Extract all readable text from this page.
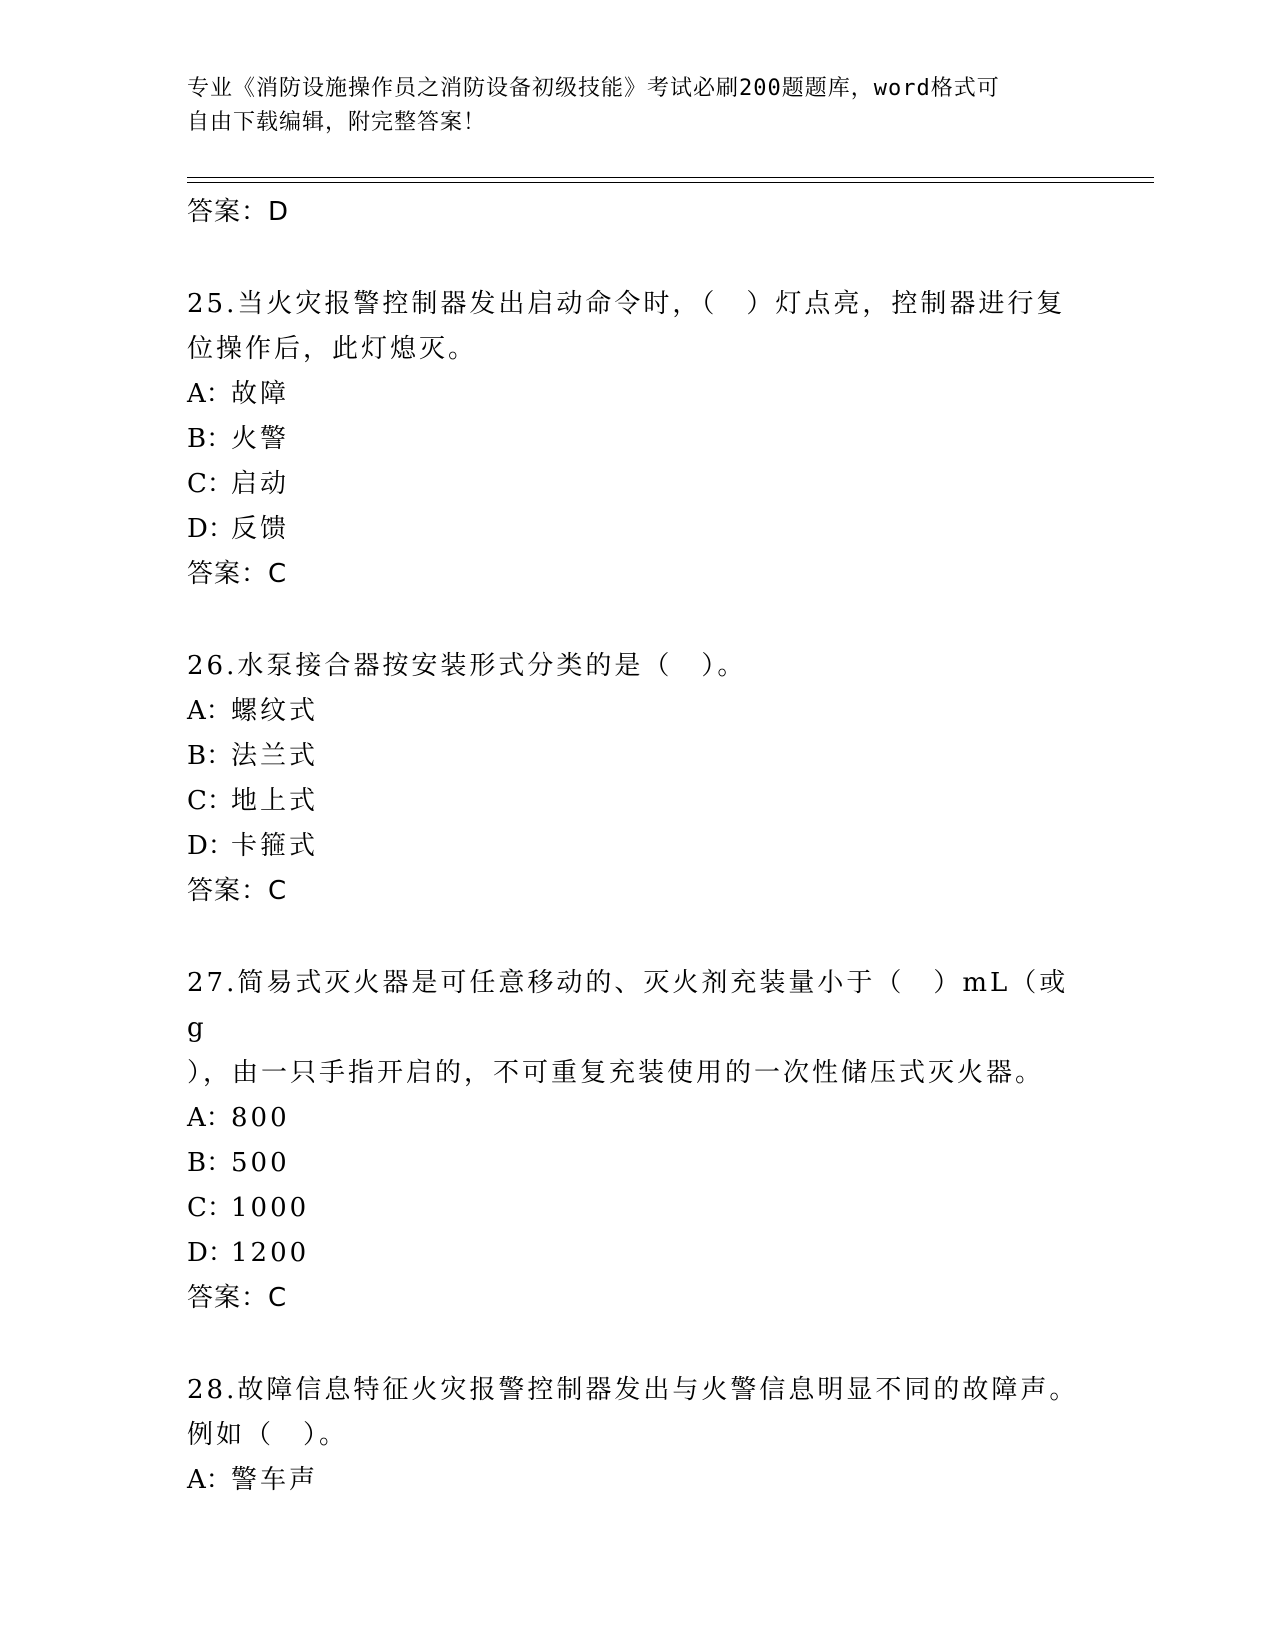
专业《消防设施操作员之消防设备初级技能》考试必刷200题题库，word格式可
自由下载编辑，附完整答案！
答案：D
25.当火灾报警控制器发出启动命令时，（　）灯点亮，控制器进行复
位操作后，此灯熄灭。
A：故障
B：火警
C：启动
D：反馈
答案：C
26.水泵接合器按安装形式分类的是（　）。
A：螺纹式
B：法兰式
C：地上式
D：卡箍式
答案：C
27.简易式灭火器是可任意移动的、灭火剂充装量小于（　）mL（或g
），由一只手指开启的，不可重复充装使用的一次性储压式灭火器。
A：800
B：500
C：1000
D：1200
答案：C
28.故障信息特征火灾报警控制器发出与火警信息明显不同的故障声。
例如（　）。
A：警车声
